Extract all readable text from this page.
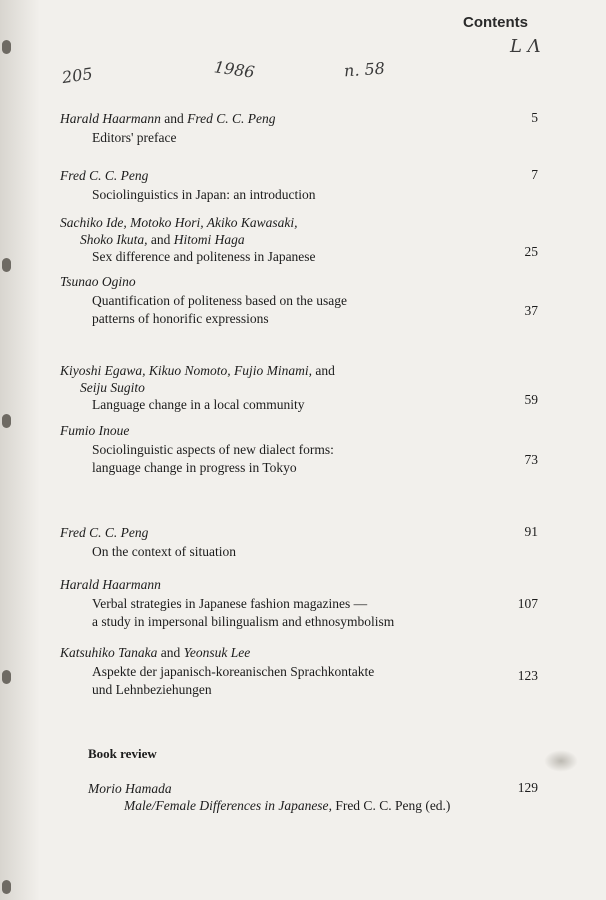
Contents
205	1986	n. 58
L Λ
Harald Haarmann and Fred C. C. Peng
Editors' preface
5
Fred C. C. Peng
Sociolinguistics in Japan: an introduction
7
Sachiko Ide, Motoko Hori, Akiko Kawasaki,
Shoko Ikuta, and Hitomi Haga
Sex difference and politeness in Japanese	25
Tsunao Ogino
Quantification of politeness based on the usage
patterns of honorific expressions
37
Kiyoshi Egawa, Kikuo Nomoto, Fujio Minami, and
Seiju Sugito
Language change in a local community	59
Fumio Inoue
Sociolinguistic aspects of new dialect forms:
language change in progress in Tokyo
73
Fred C. C. Peng
On the context of situation
91
Harald Haarmann
Verbal strategies in Japanese fashion magazines —
a study in impersonal bilingualism and ethnosymbolism
107
Katsuhiko Tanaka and Yeonsuk Lee
Aspekte der japanisch-koreanischen Sprachkontakte
und Lehnbeziehungen
123
Book review
Morio Hamada
Male/Female Differences in Japanese, Fred C. C. Peng (ed.)
129
